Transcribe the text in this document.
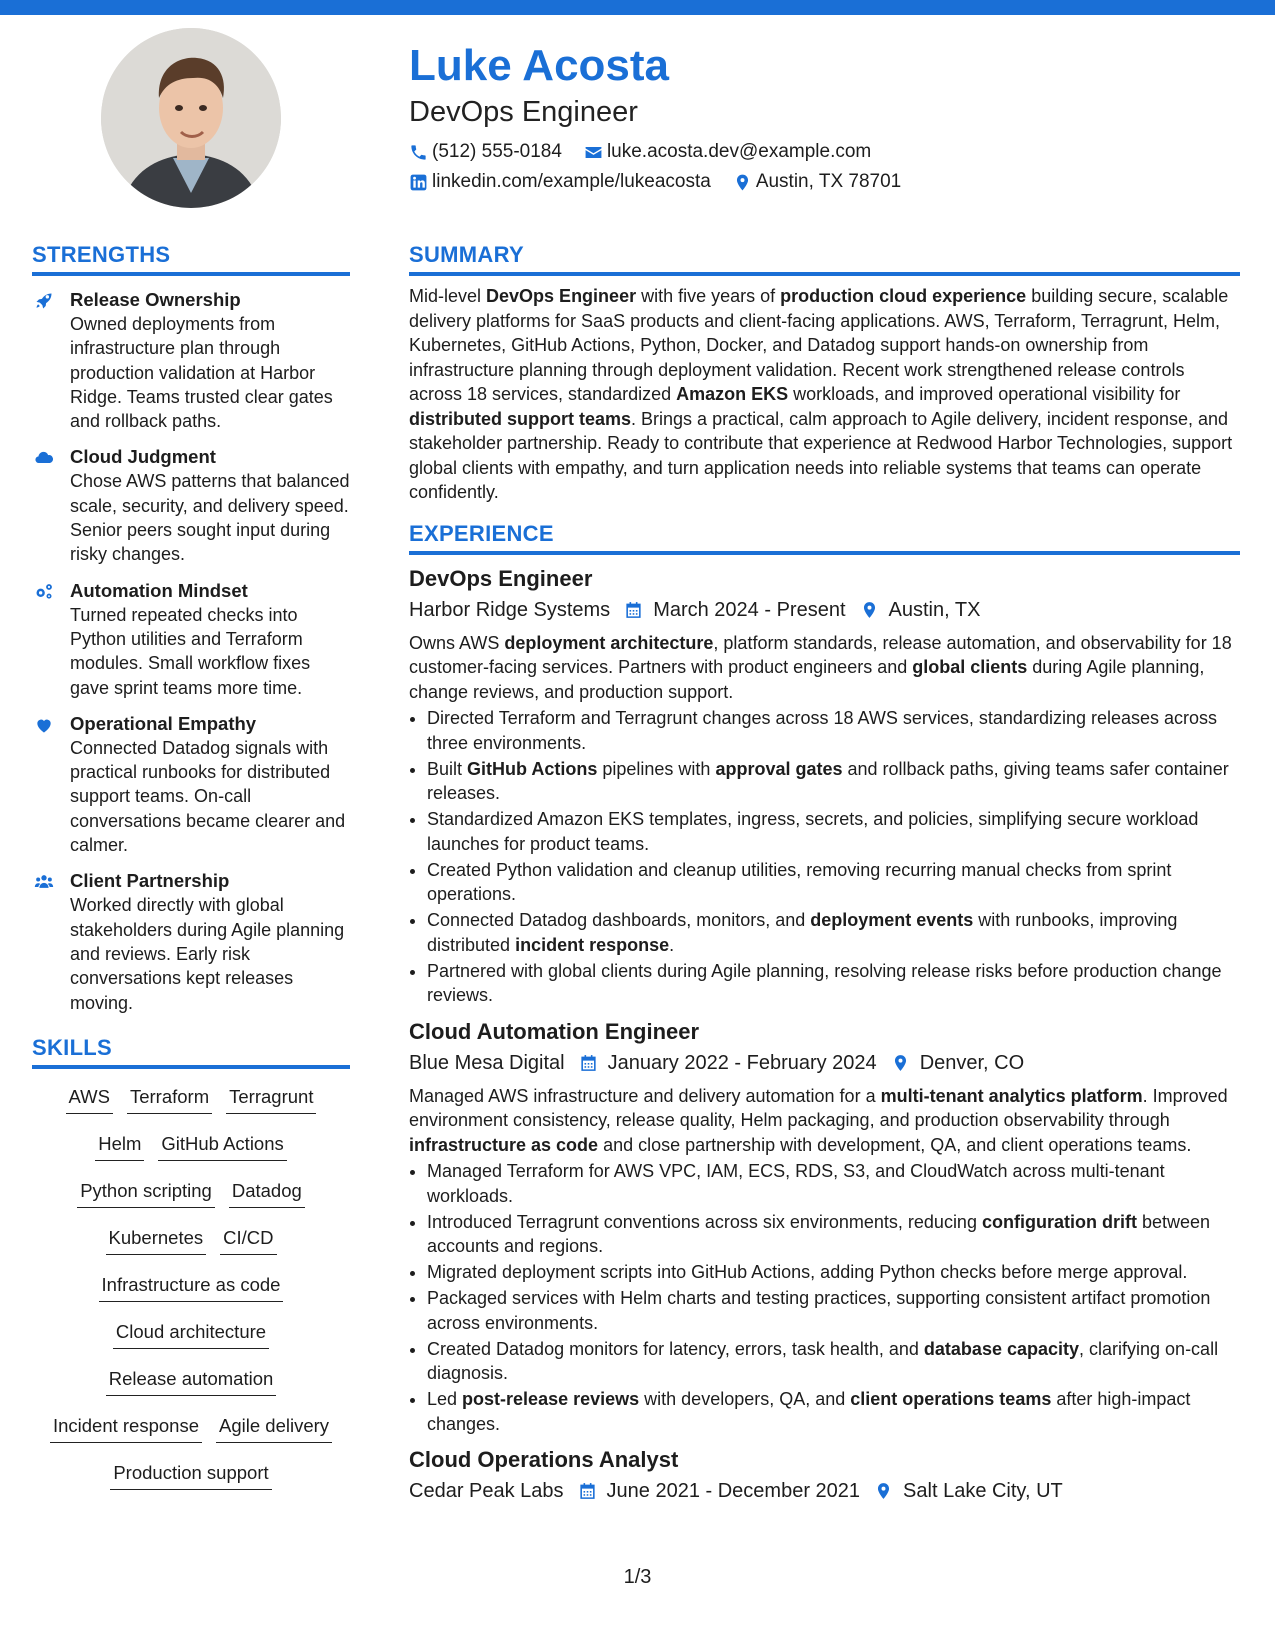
Luke Acosta
DevOps Engineer
(512) 555-0184 luke.acosta.dev@example.com
linkedin.com/example/lukeacosta Austin, TX 78701
STRENGTHS
Release Ownership
Owned deployments from infrastructure plan through production validation at Harbor Ridge. Teams trusted clear gates and rollback paths.
Cloud Judgment
Chose AWS patterns that balanced scale, security, and delivery speed. Senior peers sought input during risky changes.
Automation Mindset
Turned repeated checks into Python utilities and Terraform modules. Small workflow fixes gave sprint teams more time.
Operational Empathy
Connected Datadog signals with practical runbooks for distributed support teams. On-call conversations became clearer and calmer.
Client Partnership
Worked directly with global stakeholders during Agile planning and reviews. Early risk conversations kept releases moving.
SKILLS
AWS Terraform Terragrunt
Helm GitHub Actions
Python scripting Datadog
Kubernetes CI/CD
Infrastructure as code
Cloud architecture
Release automation
Incident response Agile delivery
Production support
SUMMARY
Mid-level DevOps Engineer with five years of production cloud experience building secure, scalable delivery platforms for SaaS products and client-facing applications. AWS, Terraform, Terragrunt, Helm, Kubernetes, GitHub Actions, Python, Docker, and Datadog support hands-on ownership from infrastructure planning through deployment validation. Recent work strengthened release controls across 18 services, standardized Amazon EKS workloads, and improved operational visibility for distributed support teams. Brings a practical, calm approach to Agile delivery, incident response, and stakeholder partnership. Ready to contribute that experience at Redwood Harbor Technologies, support global clients with empathy, and turn application needs into reliable systems that teams can operate confidently.
EXPERIENCE
DevOps Engineer
Harbor Ridge Systems March 2024 - Present Austin, TX
Owns AWS deployment architecture, platform standards, release automation, and observability for 18 customer-facing services. Partners with product engineers and global clients during Agile planning, change reviews, and production support.
• Directed Terraform and Terragrunt changes across 18 AWS services, standardizing releases across three environments.
• Built GitHub Actions pipelines with approval gates and rollback paths, giving teams safer container releases.
• Standardized Amazon EKS templates, ingress, secrets, and policies, simplifying secure workload launches for product teams.
• Created Python validation and cleanup utilities, removing recurring manual checks from sprint operations.
• Connected Datadog dashboards, monitors, and deployment events with runbooks, improving distributed incident response.
• Partnered with global clients during Agile planning, resolving release risks before production change reviews.
Cloud Automation Engineer
Blue Mesa Digital January 2022 - February 2024 Denver, CO
Managed AWS infrastructure and delivery automation for a multi-tenant analytics platform. Improved environment consistency, release quality, Helm packaging, and production observability through infrastructure as code and close partnership with development, QA, and client operations teams.
• Managed Terraform for AWS VPC, IAM, ECS, RDS, S3, and CloudWatch across multi-tenant workloads.
• Introduced Terragrunt conventions across six environments, reducing configuration drift between accounts and regions.
• Migrated deployment scripts into GitHub Actions, adding Python checks before merge approval.
• Packaged services with Helm charts and testing practices, supporting consistent artifact promotion across environments.
• Created Datadog monitors for latency, errors, task health, and database capacity, clarifying on-call diagnosis.
• Led post-release reviews with developers, QA, and client operations teams after high-impact changes.
Cloud Operations Analyst
Cedar Peak Labs June 2021 - December 2021 Salt Lake City, UT
1/3
